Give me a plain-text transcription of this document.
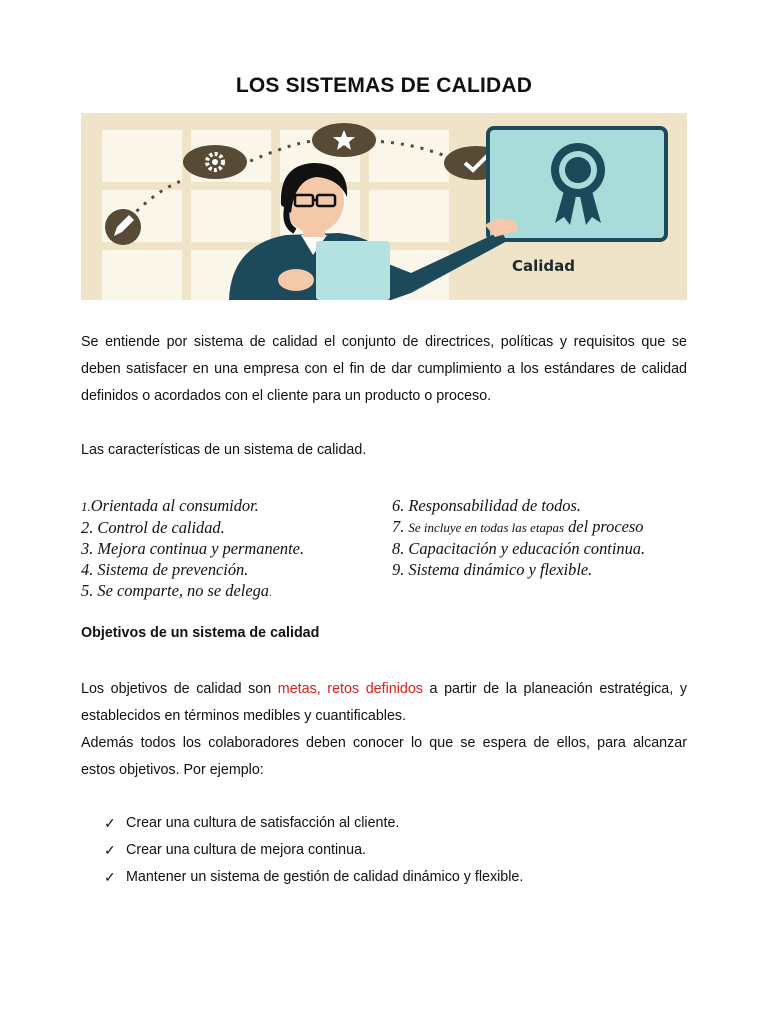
LOS SISTEMAS DE CALIDAD
Calidad
Se entiende por sistema de calidad el conjunto de directrices, políticas y requisitos que se
deben satisfacer en una empresa con el fin de dar cumplimiento a los estándares de calidad
definidos o acordados con el cliente para un producto o proceso.

Las características de un sistema de calidad.

1.Orientada al consumidor.
2. Control de calidad.
3. Mejora continua y permanente.
4. Sistema de prevención.
5. Se comparte, no se delega.
6. Responsabilidad de todos.
7. Se incluye en todas las etapas del proceso
8. Capacitación y educación continua.
9. Sistema dinámico y flexible.
Objetivos de un sistema de calidad
Los objetivos de calidad son metas, retos definidos a partir de la planeación estratégica, y
establecidos en términos medibles y cuantificables.
Además todos los colaboradores deben conocer lo que se espera de ellos, para alcanzar
estos objetivos. Por ejemplo:
✓ Crear una cultura de satisfacción al cliente.
✓ Crear una cultura de mejora continua.
✓ Mantener un sistema de gestión de calidad dinámico y flexible.
